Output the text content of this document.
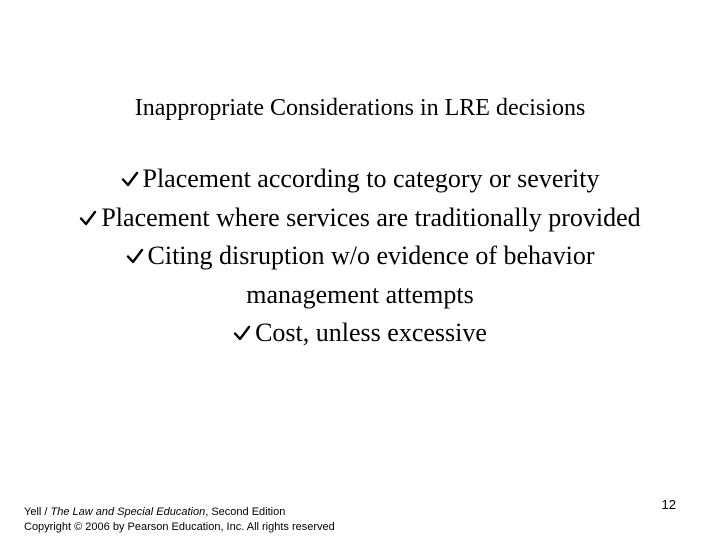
Inappropriate Considerations in LRE decisions
Placement according to category or severity
Placement where services are traditionally provided
Citing disruption w/o evidence of behavior management attempts
Cost, unless excessive
Yell / The Law and Special Education, Second Edition
Copyright © 2006 by Pearson Education, Inc. All rights reserved
12
